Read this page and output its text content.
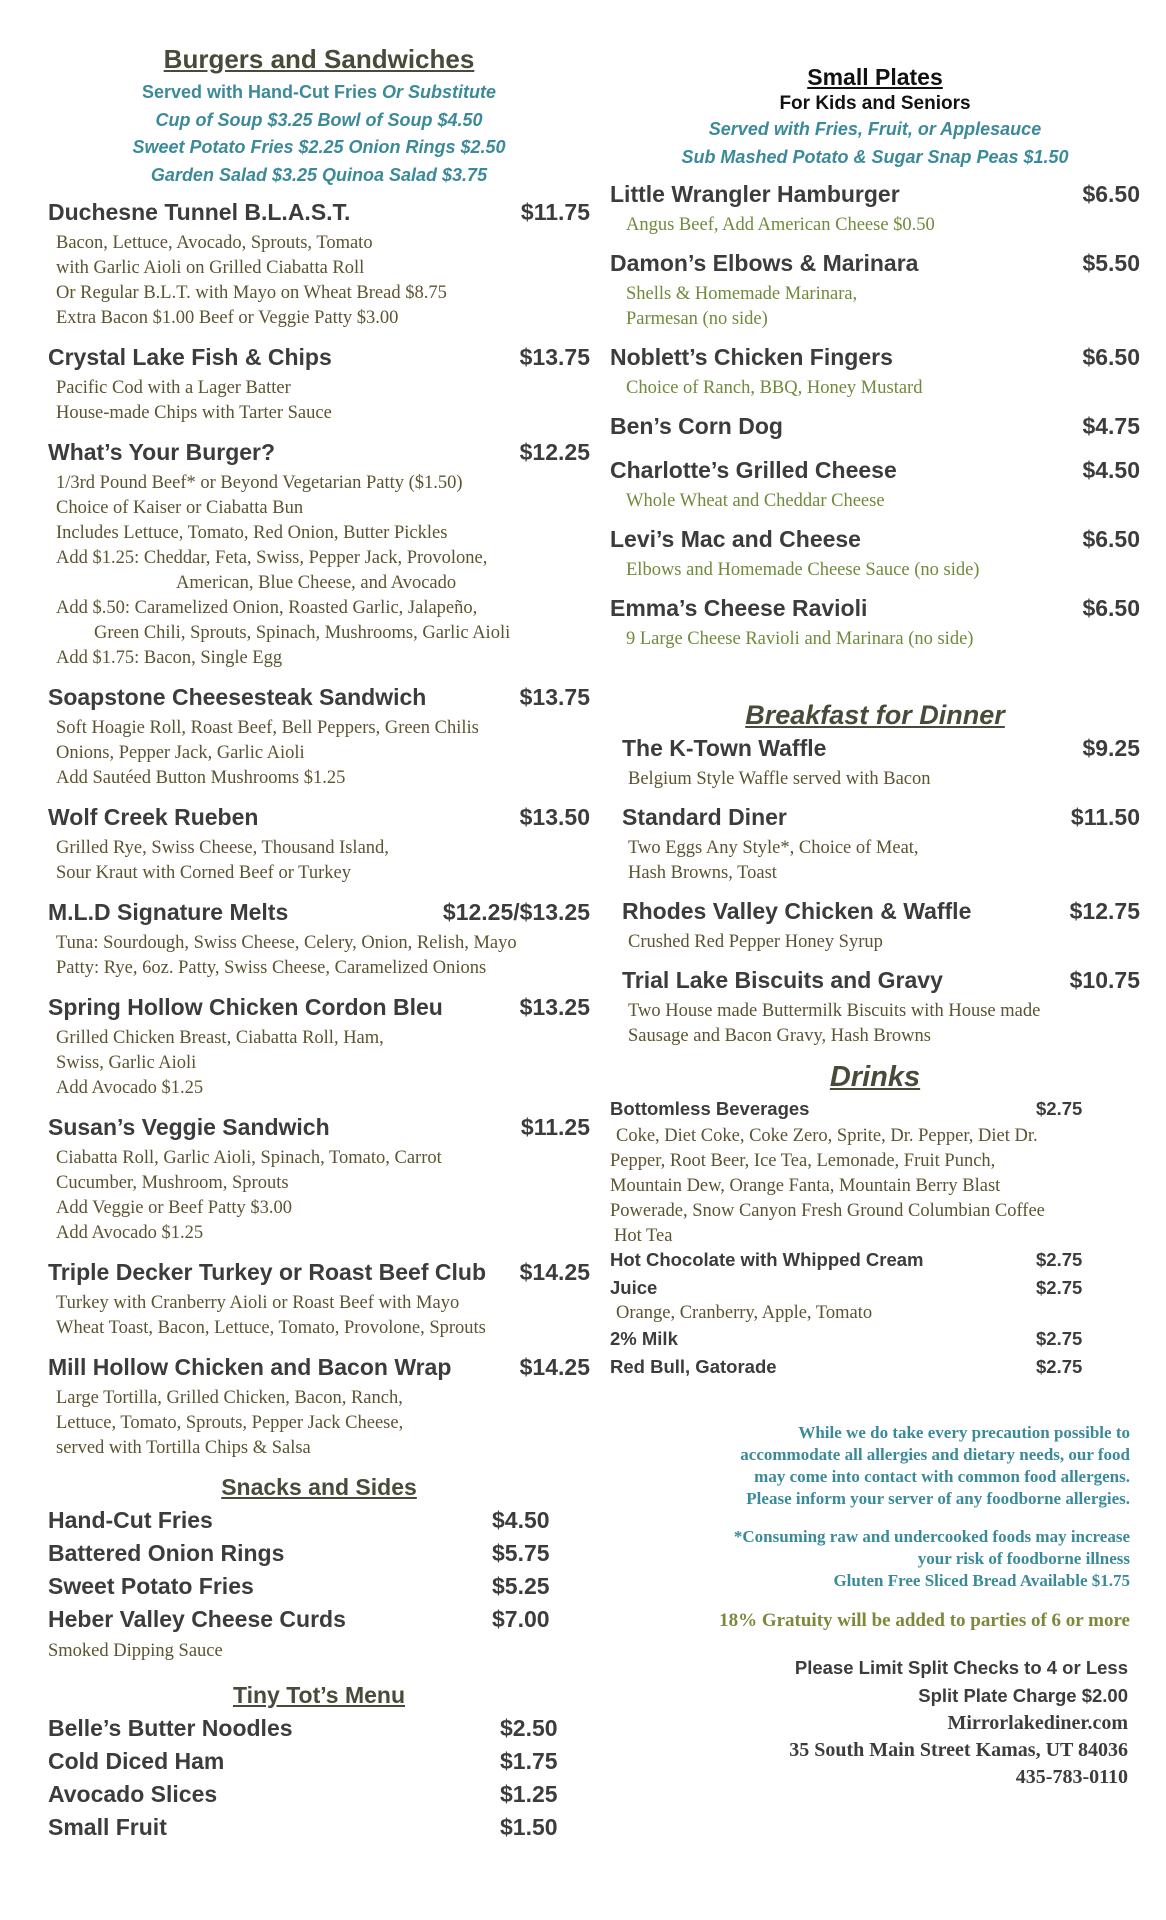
Burgers and Sandwiches
Served with Hand-Cut Fries Or Substitute
Cup of Soup $3.25 Bowl of Soup $4.50
Sweet Potato Fries $2.25 Onion Rings $2.50
Garden Salad $3.25 Quinoa Salad $3.75
Duchesne Tunnel B.L.A.S.T.	$11.75
Bacon, Lettuce, Avocado, Sprouts, Tomato
with Garlic Aioli on Grilled Ciabatta Roll
Or Regular B.L.T. with Mayo on Wheat Bread $8.75
Extra Bacon $1.00 Beef or Veggie Patty $3.00
Crystal Lake Fish & Chips	$13.75
Pacific Cod with a Lager Batter
House-made Chips with Tarter Sauce
What’s Your Burger?	$12.25
1/3rd Pound Beef* or Beyond Vegetarian Patty ($1.50)
Choice of Kaiser or Ciabatta Bun
Includes Lettuce, Tomato, Red Onion, Butter Pickles
Add $1.25: Cheddar, Feta, Swiss, Pepper Jack, Provolone,
American, Blue Cheese, and Avocado
Add $.50: Caramelized Onion, Roasted Garlic, Jalapeño,
Green Chili, Sprouts, Spinach, Mushrooms, Garlic Aioli
Add $1.75: Bacon, Single Egg
Soapstone Cheesesteak Sandwich	$13.75
Soft Hoagie Roll, Roast Beef, Bell Peppers, Green Chilis
Onions, Pepper Jack, Garlic Aioli
Add Sautéed Button Mushrooms $1.25
Wolf Creek Rueben	$13.50
Grilled Rye, Swiss Cheese, Thousand Island,
Sour Kraut with Corned Beef or Turkey
M.L.D Signature Melts	$12.25/$13.25
Tuna: Sourdough, Swiss Cheese, Celery, Onion, Relish, Mayo
Patty: Rye, 6oz. Patty, Swiss Cheese, Caramelized Onions
Spring Hollow Chicken Cordon Bleu	$13.25
Grilled Chicken Breast, Ciabatta Roll, Ham,
Swiss, Garlic Aioli
Add Avocado $1.25
Susan’s Veggie Sandwich	$11.25
Ciabatta Roll, Garlic Aioli, Spinach, Tomato, Carrot
Cucumber, Mushroom, Sprouts
Add Veggie or Beef Patty $3.00
Add Avocado $1.25
Triple Decker Turkey or Roast Beef Club $14.25
Turkey with Cranberry Aioli or Roast Beef with Mayo
Wheat Toast, Bacon, Lettuce, Tomato, Provolone, Sprouts
Mill Hollow Chicken and Bacon Wrap	$14.25
Large Tortilla, Grilled Chicken, Bacon, Ranch,
Lettuce, Tomato, Sprouts, Pepper Jack Cheese,
served with Tortilla Chips & Salsa
Snacks and Sides
Hand-Cut Fries	$4.50
Battered Onion Rings	$5.75
Sweet Potato Fries	$5.25
Heber Valley Cheese Curds	$7.00
Smoked Dipping Sauce
Tiny Tot’s Menu
Belle’s Butter Noodles	$2.50
Cold Diced Ham	$1.75
Avocado Slices	$1.25
Small Fruit	$1.50
Small Plates
For Kids and Seniors
Served with Fries, Fruit, or Applesauce
Sub Mashed Potato & Sugar Snap Peas $1.50
Little Wrangler Hamburger	$6.50
Angus Beef, Add American Cheese $0.50
Damon’s Elbows & Marinara	$5.50
Shells & Homemade Marinara,
Parmesan (no side)
Noblett’s Chicken Fingers	$6.50
Choice of Ranch, BBQ, Honey Mustard
Ben’s Corn Dog	$4.75
Charlotte’s Grilled Cheese	$4.50
Whole Wheat and Cheddar Cheese
Levi’s Mac and Cheese	$6.50
Elbows and Homemade Cheese Sauce (no side)
Emma’s Cheese Ravioli	$6.50
9 Large Cheese Ravioli and Marinara (no side)
Breakfast for Dinner
The K-Town Waffle	$9.25
Belgium Style Waffle served with Bacon
Standard Diner	$11.50
Two Eggs Any Style*, Choice of Meat,
Hash Browns, Toast
Rhodes Valley Chicken & Waffle	$12.75
Crushed Red Pepper Honey Syrup
Trial Lake Biscuits and Gravy	$10.75
Two House made Buttermilk Biscuits with House made
Sausage and Bacon Gravy, Hash Browns
Drinks
Bottomless Beverages	$2.75
Coke, Diet Coke, Coke Zero, Sprite, Dr. Pepper, Diet Dr.
Pepper, Root Beer, Ice Tea, Lemonade, Fruit Punch,
Mountain Dew, Orange Fanta, Mountain Berry Blast
Powerade, Snow Canyon Fresh Ground Columbian Coffee
Hot Tea
Hot Chocolate with Whipped Cream	$2.75
Juice	$2.75
Orange, Cranberry, Apple, Tomato
2% Milk	$2.75
Red Bull, Gatorade	$2.75
While we do take every precaution possible to
accommodate all allergies and dietary needs, our food
may come into contact with common food allergens.
Please inform your server of any foodborne allergies.
*Consuming raw and undercooked foods may increase
your risk of foodborne illness
Gluten Free Sliced Bread Available $1.75
18% Gratuity will be added to parties of 6 or more
Please Limit Split Checks to 4 or Less
Split Plate Charge $2.00
Mirrorlakediner.com
35 South Main Street Kamas, UT 84036
435-783-0110
